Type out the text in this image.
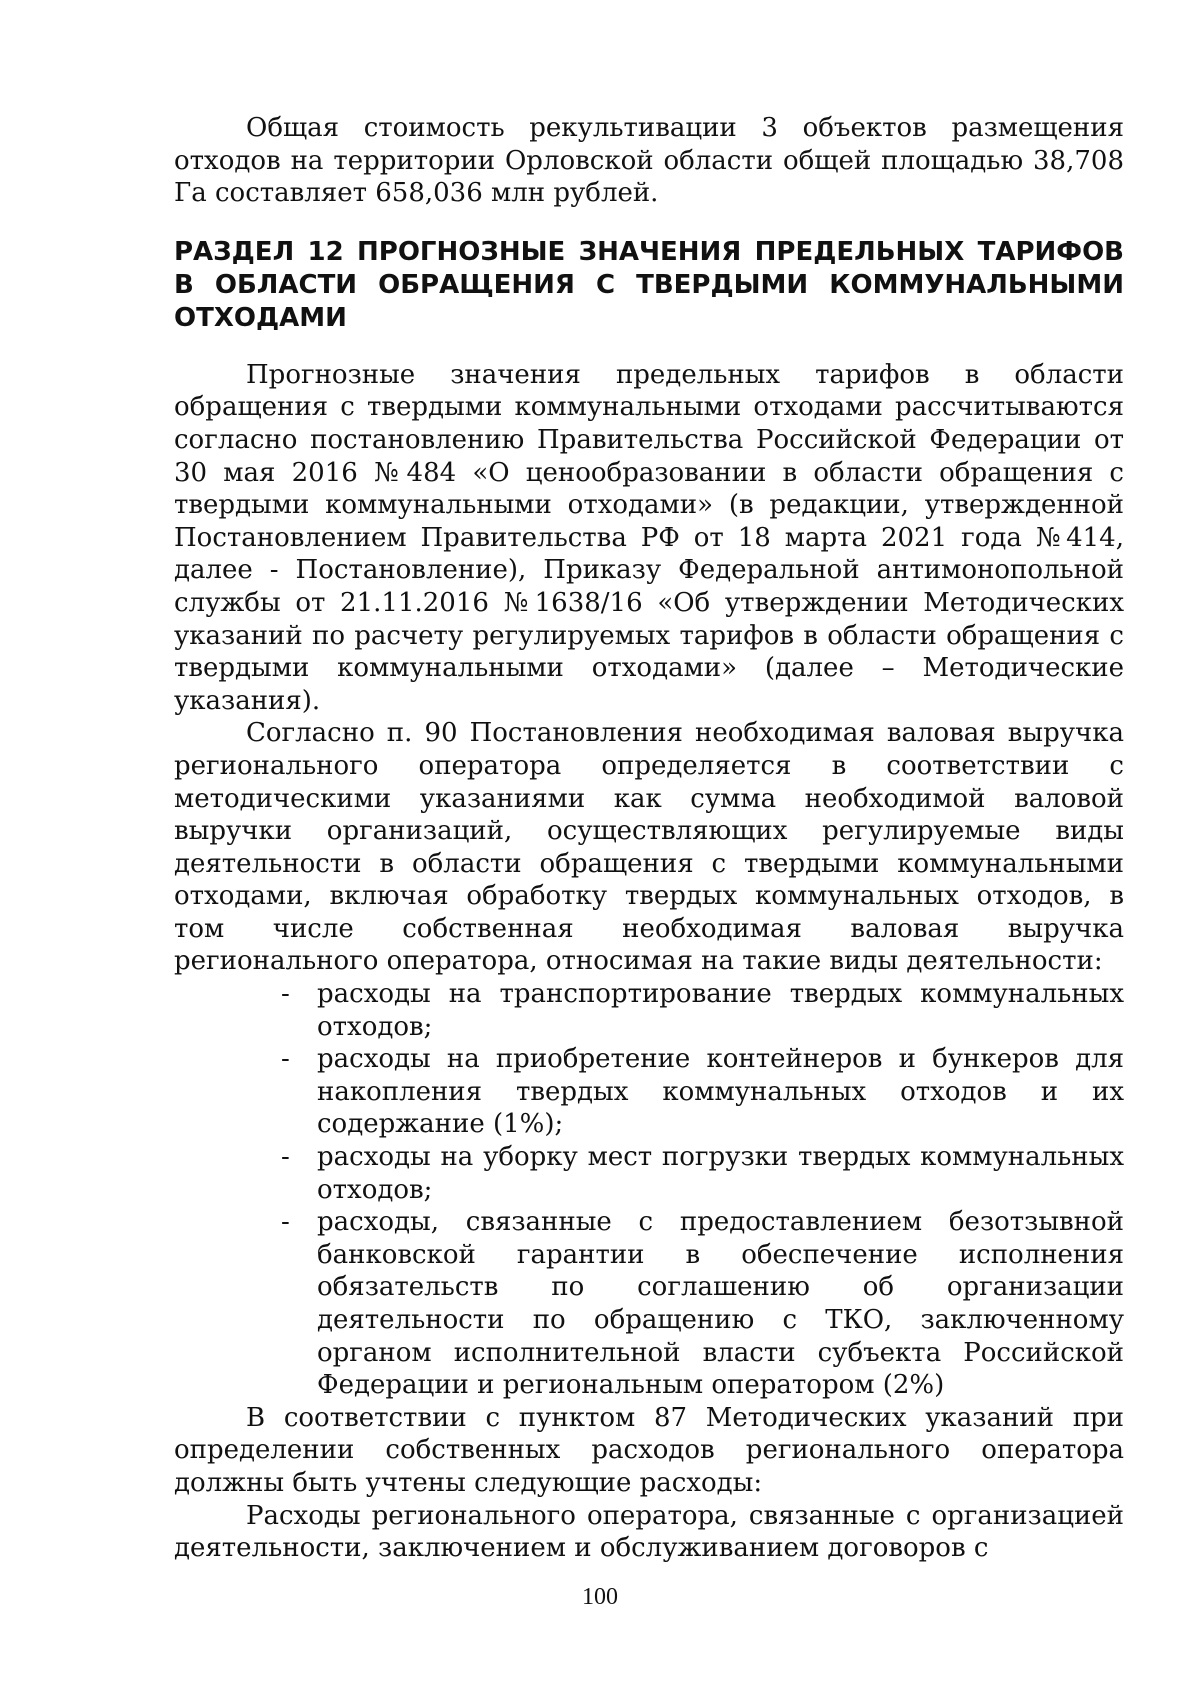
Общая стоимость рекультивации 3 объектов размещения отходов на территории Орловской области общей площадью 38,708 Га составляет 658,036 млн рублей.

РАЗДЕЛ 12 ПРОГНОЗНЫЕ ЗНАЧЕНИЯ ПРЕДЕЛЬНЫХ ТАРИФОВ В ОБЛАСТИ ОБРАЩЕНИЯ С ТВЕРДЫМИ КОММУНАЛЬНЫМИ ОТХОДАМИ

Прогнозные значения предельных тарифов в области обращения с твердыми коммунальными отходами рассчитываются согласно постановлению Правительства Российской Федерации от 30 мая 2016 №484 «О ценообразовании в области обращения с твердыми коммунальными отходами» (в редакции, утвержденной Постановлением Правительства РФ от 18 марта 2021 года №414, далее - Постановление), Приказу Федеральной антимонопольной службы от 21.11.2016 №1638/16 «Об утверждении Методических указаний по расчету регулируемых тарифов в области обращения с твердыми коммунальными отходами» (далее – Методические указания).

Согласно п. 90 Постановления необходимая валовая выручка регионального оператора определяется в соответствии с методическими указаниями как сумма необходимой валовой выручки организаций, осуществляющих регулируемые виды деятельности в области обращения с твердыми коммунальными отходами, включая обработку твердых коммунальных отходов, в том числе собственная необходимая валовая выручка регионального оператора, относимая на такие виды деятельности:

- расходы на транспортирование твердых коммунальных отходов;
- расходы на приобретение контейнеров и бункеров для накопления твердых коммунальных отходов и их содержание (1%);
- расходы на уборку мест погрузки твердых коммунальных отходов;
- расходы, связанные с предоставлением безотзывной банковской гарантии в обеспечение исполнения обязательств по соглашению об организации деятельности по обращению с ТКО, заключенному органом исполнительной власти субъекта Российской Федерации и региональным оператором (2%)

В соответствии с пунктом 87 Методических указаний при определении собственных расходов регионального оператора должны быть учтены следующие расходы:

Расходы регионального оператора, связанные с организацией деятельности, заключением и обслуживанием договоров с

100
